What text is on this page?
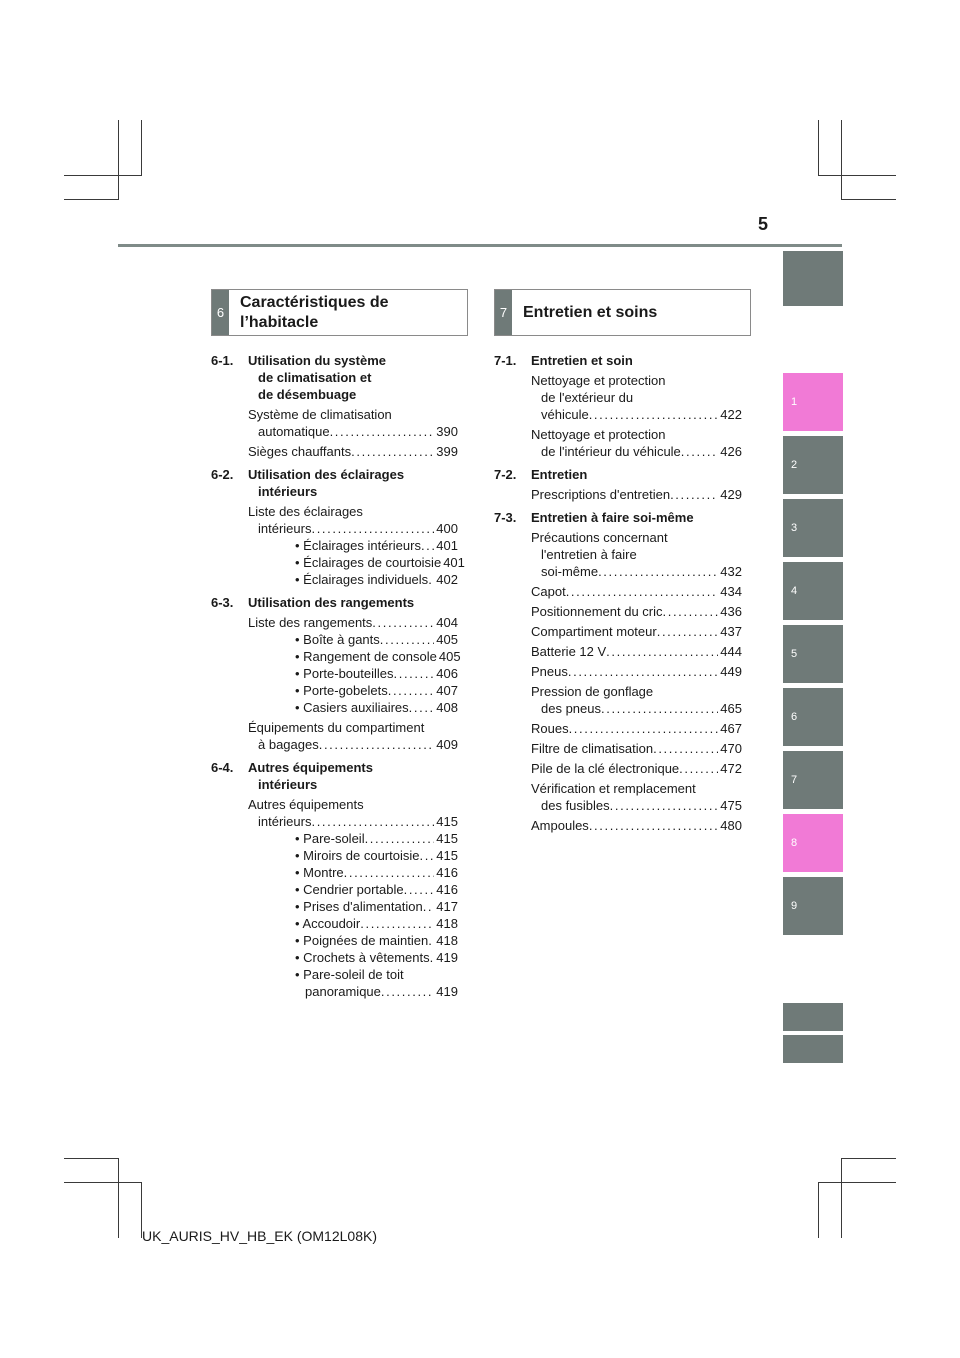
5
1
2
3
4
5
6
7
8
9
6
Caractéristiques de
l’habitacle
7 Entretien et soins
6-1.	Utilisation du système
de climatisation et
de désembuage
Système de climatisation
automatique . . .	390
Sièges chauffants . . .	399
6-2.	Utilisation des éclairages
intérieurs
Liste des éclairages
intérieurs . . .	400
• Éclairages intérieurs . . . 401
• Éclairages de courtoisie 401
• Éclairages individuels . . . 402
6-3.	Utilisation des rangements
Liste des rangements . . .	404
• Boîte à gants . . .	405
• Rangement de console 405
• Porte-bouteilles . . .	406
• Porte-gobelets . . .	407
• Casiers auxiliaires . . . 408
Équipements du compartiment
à bagages . . .	409
6-4.	Autres équipements
intérieurs
Autres équipements
intérieurs . . .	415
• Pare-soleil . . .	415
• Miroirs de courtoisie . . . 415
• Montre . . .	416
• Cendrier portable . . .	416
• Prises d'alimentation . . . 417
• Accoudoir . . .	418
• Poignées de maintien . . . 418
• Crochets à vêtements . . . 419
• Pare-soleil de toit
panoramique . . .	419
7-1.	Entretien et soin
Nettoyage et protection
de l'extérieur du
véhicule . . .	422
Nettoyage et protection
de l'intérieur du véhicule . . .	426
7-2.	Entretien
Prescriptions d'entretien . . .	429
7-3.	Entretien à faire soi-même
Précautions concernant
l'entretien à faire
soi-même . . .	432
Capot . . .	434
Positionnement du cric . . .	436
Compartiment moteur . . .	437
Batterie 12 V . . .	444
Pneus . . .	449
Pression de gonflage
des pneus . . .	465
Roues . . .	467
Filtre de climatisation . . .	470
Pile de la clé électronique . . .	472
Vérification et remplacement
des fusibles . . .	475
Ampoules . . .	480
UK_AURIS_HV_HB_EK (OM12L08K)
